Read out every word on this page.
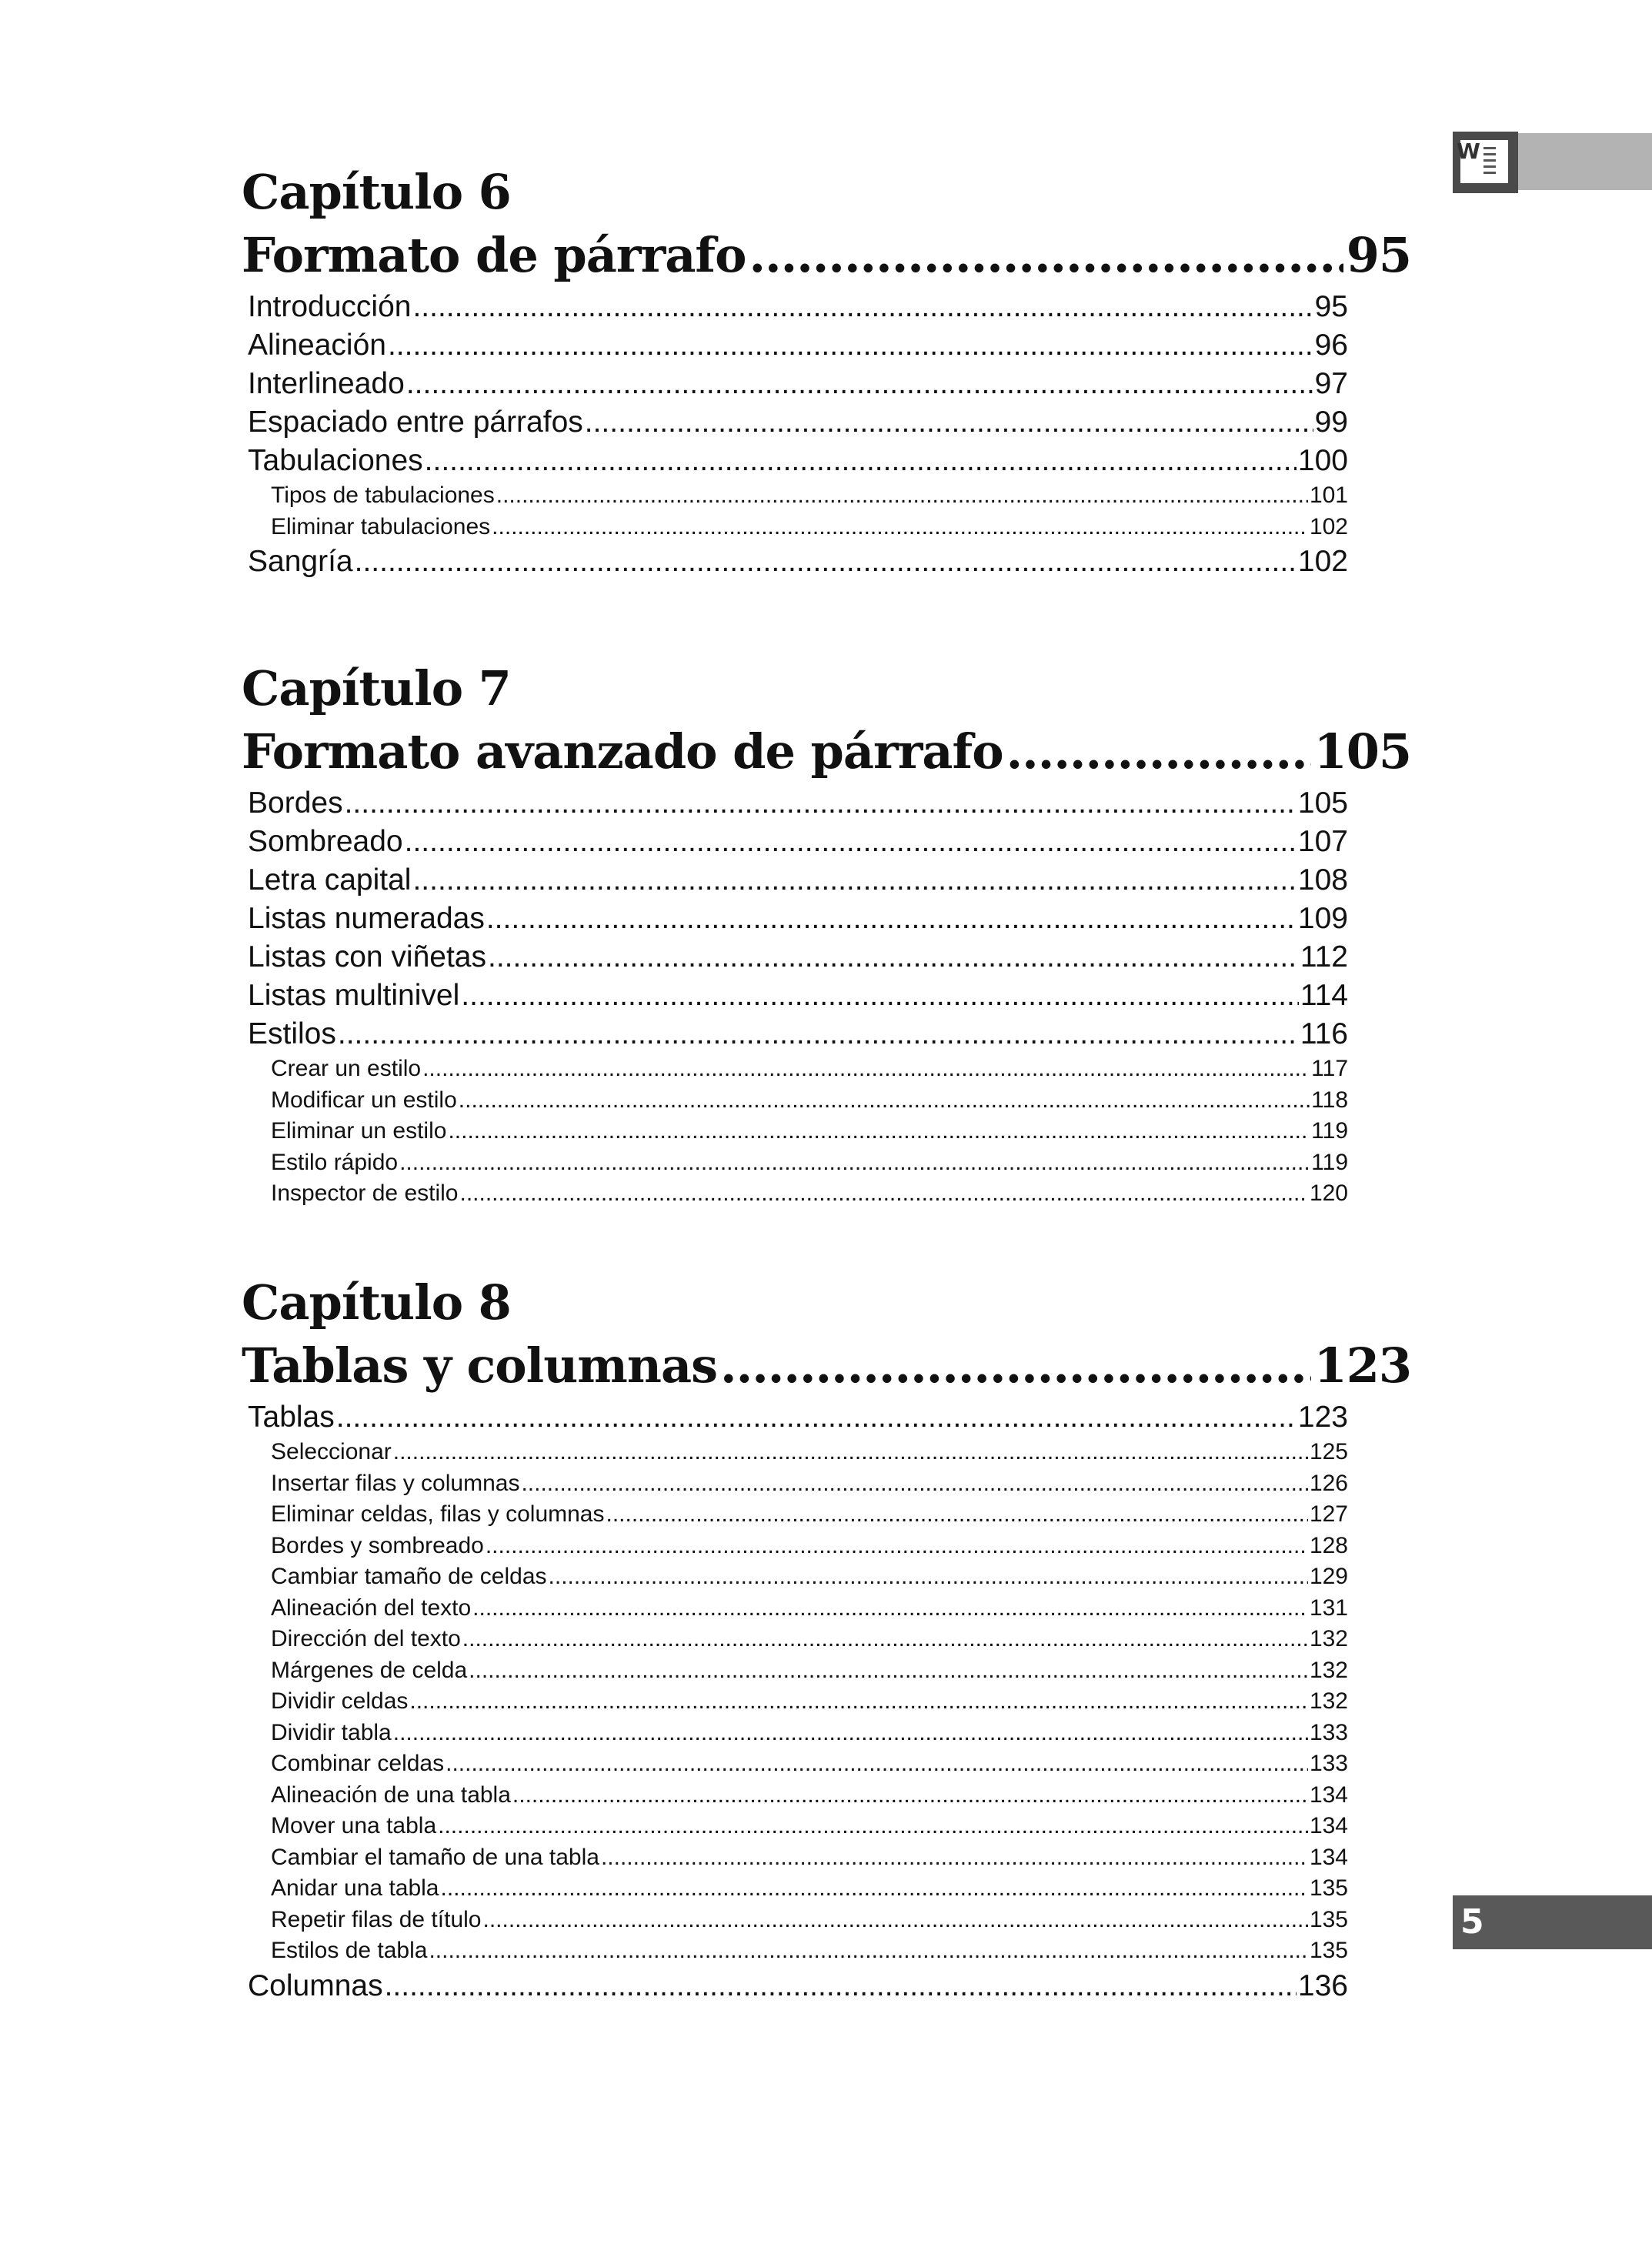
W
Capítulo 6
Formato de párrafo .....	95
Introducción .....	95
Alineación .....	96
Interlineado .....	97
Espaciado entre párrafos .....	99
Tabulaciones .....	100
Tipos de tabulaciones .....	101
Eliminar tabulaciones .....	102
Sangría .....	102
Capítulo 7
Formato avanzado de párrafo .....	105
Bordes .....	105
Sombreado .....	107
Letra capital .....	108
Listas numeradas .....	109
Listas con viñetas .....	112
Listas multinivel .....	114
Estilos .....	116
Crear un estilo .....	117
Modificar un estilo .....	118
Eliminar un estilo .....	119
Estilo rápido .....	119
Inspector de estilo .....	120
Capítulo 8
Tablas y columnas .....	123
Tablas .....	123
Seleccionar .....	125
Insertar filas y columnas .....	126
Eliminar celdas, filas y columnas .....	127
Bordes y sombreado .....	128
Cambiar tamaño de celdas .....	129
Alineación del texto .....	131
Dirección del texto .....	132
Márgenes de celda .....	132
Dividir celdas .....	132
Dividir tabla .....	133
Combinar celdas .....	133
Alineación de una tabla .....	134
Mover una tabla .....	134
Cambiar el tamaño de una tabla .....	134
Anidar una tabla .....	135
Repetir filas de título .....	135
Estilos de tabla .....	135
Columnas .....	136
5
